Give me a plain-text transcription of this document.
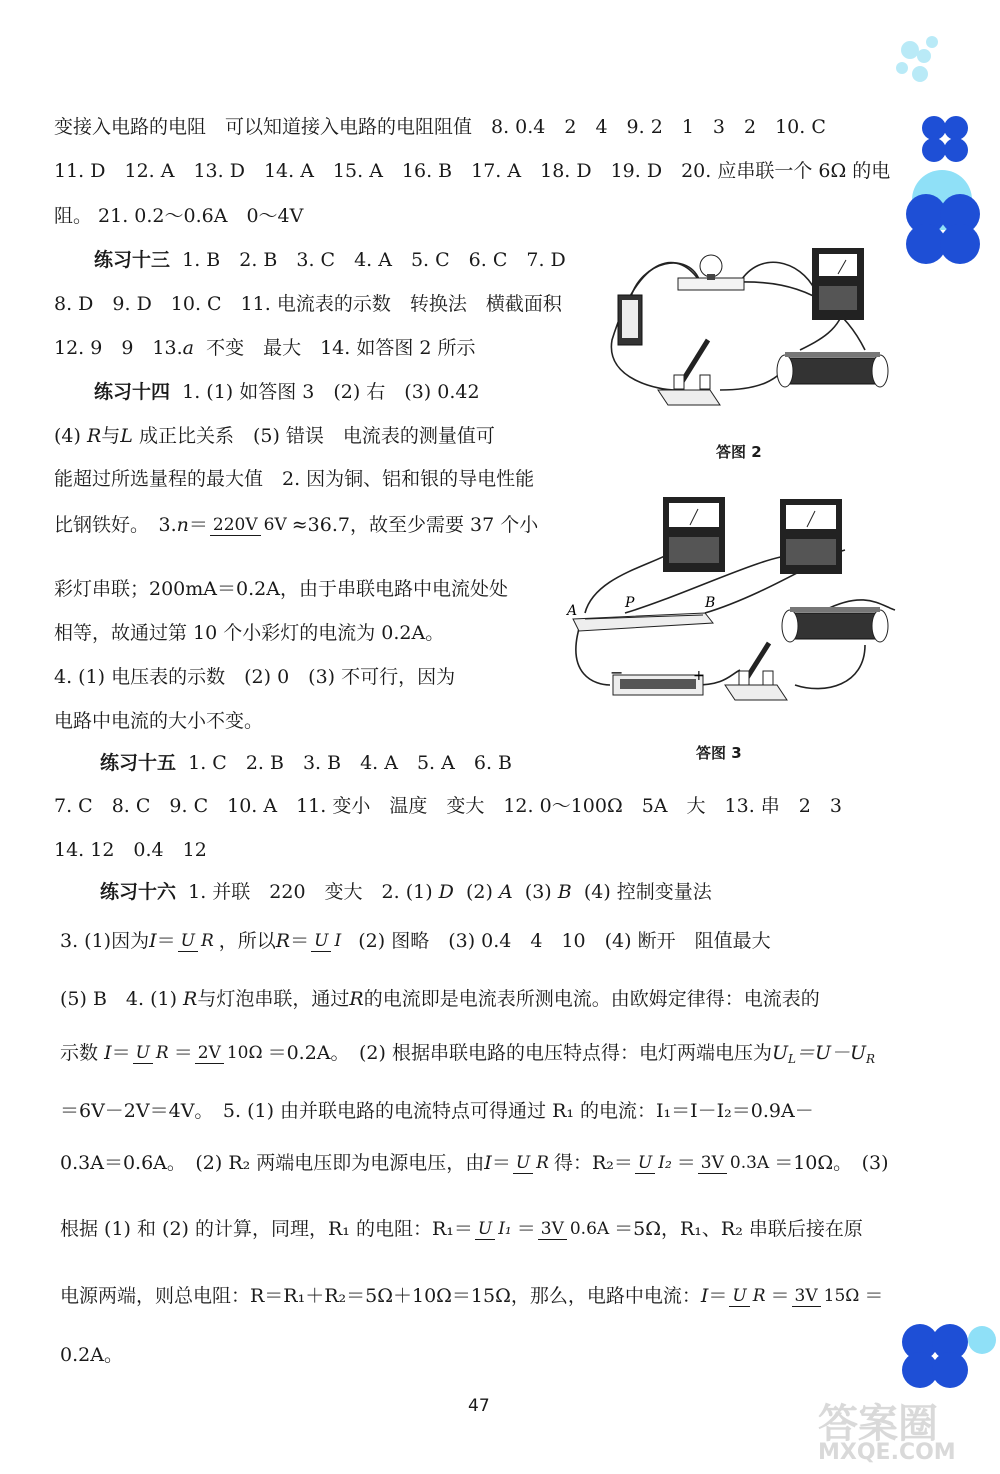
变接入电路的电阻　可以知道接入电路的电阻阻值　8. 0.4　2　4　9. 2　1　3　2　10. C
11. D　12. A　13. D　14. A　15. A　16. B　17. A　18. D　19. D　20. 应串联一个 6Ω 的电
阻。 21. 0.2～0.6A　0～4V
练习十三 1. B　2. B　3. C　4. A　5. C　6. C　7. D
8. D　9. D　10. C　11. 电流表的示数　转换法　横截面积
12. 9　9　13.a 不变　最大　14. 如答图 2 所示
练习十四 1. (1) 如答图 3　(2) 右　(3) 0.42
(4) R与L 成正比关系　(5) 错误　电流表的测量值可
能超过所选量程的最大值　2. 因为铜、铝和银的导电性能
比钢铁好。　3.n＝ 220V 6V ≈36.7，故至少需要 37 个小
彩灯串联；200mA＝0.2A，由于串联电路中电流处处
相等，故通过第 10 个小彩灯的电流为 0.2A。
4. (1) 电压表的示数　(2) 0　(3) 不可行，因为
电路中电流的大小不变。
练习十五 1. C　2. B　3. B　4. A　5. A　6. B
7. C　8. C　9. C　10. A　11. 变小　温度　变大　12. 0～100Ω　5A　大　13. 串　2　3
14. 12　0.4　12
练习十六 1. 并联　220　变大　2. (1) D (2) A (3) B (4) 控制变量法
3. (1)因为I＝ U R ，所以R＝ U I (2) 图略　(3) 0.4　4　10　(4) 断开　阻值最大
(5) B　4. (1) R与灯泡串联，通过R的电流即是电流表所测电流。由欧姆定律得：电流表的
示数 I＝ U R ＝ 2V 10Ω ＝0.2A。　(2) 根据串联电路的电压特点得：电灯两端电压为UL＝U－UR
＝6V－2V＝4V。　5. (1) 由并联电路的电流特点可得通过 R₁ 的电流：I₁＝I－I₂＝0.9A－
0.3A＝0.6A。　(2) R₂ 两端电压即为电源电压，由I＝ U R 得：R₂＝ U I₂ ＝ 3V 0.3A ＝10Ω。　(3)
根据 (1) 和 (2) 的计算，同理，R₁ 的电阻：R₁＝ U I₁ ＝ 3V 0.6A ＝5Ω，R₁、R₂ 串联后接在原
电源两端，则总电阻：R＝R₁＋R₂＝5Ω＋10Ω＝15Ω，那么，电路中电流：I＝ U R ＝ 3V 15Ω ＝
0.2A。
答图 2
A	P	B
−	+
答图 3
47	答案圈
MXQE.COM
